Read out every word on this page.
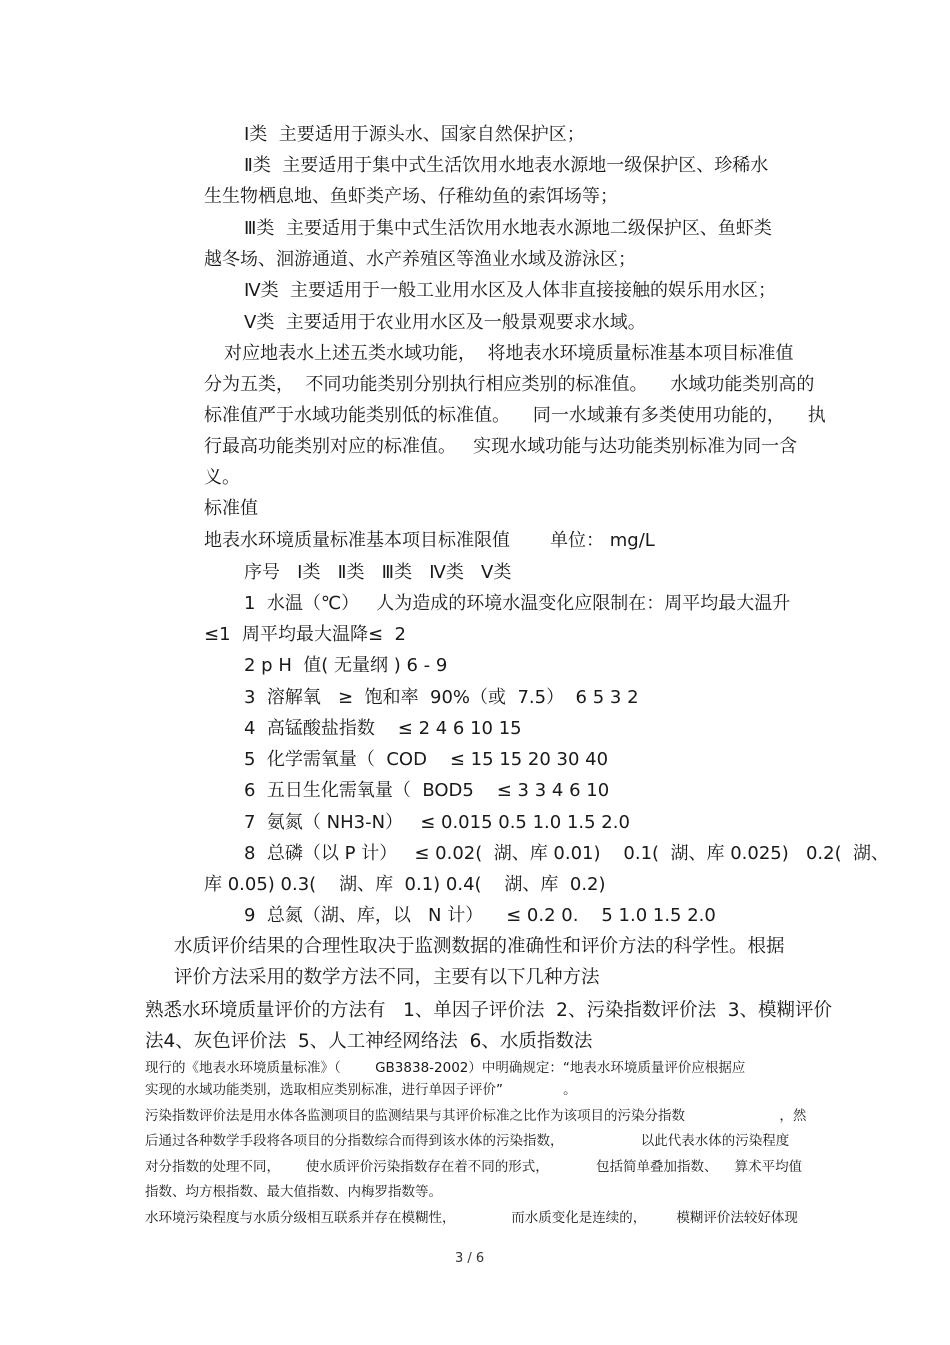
Ⅰ类  主要适用于源头水、国家自然保护区；
Ⅱ类  主要适用于集中式生活饮用水地表水源地一级保护区、珍稀水
生生物栖息地、鱼虾类产场、仔稚幼鱼的索饵场等；
Ⅲ类  主要适用于集中式生活饮用水地表水源地二级保护区、鱼虾类
越冬场、洄游通道、水产养殖区等渔业水域及游泳区；
Ⅳ类  主要适用于一般工业用水区及人体非直接接触的娱乐用水区；
Ⅴ类  主要适用于农业用水区及一般景观要求水域。
对应地表水上述五类水域功能，  将地表水环境质量标准基本项目标准值
分为五类，  不同功能类别分别执行相应类别的标准值。    水域功能类别高的
标准值严于水域功能类别低的标准值。    同一水域兼有多类使用功能的，    执
行最高功能类别对应的标准值。   实现水域功能与达功能类别标准为同一含
义。
标准值
地表水环境质量标准基本项目标准限值       单位： mg/L
序号   Ⅰ类   Ⅱ类   Ⅲ类   Ⅳ类   Ⅴ类
1  水温（℃）   人为造成的环境水温变化应限制在：周平均最大温升
≤1  周平均最大温降≤  2
2 p H  值( 无量纲 ) 6 - 9
3  溶解氧   ≥  饱和率  90%（或  7.5）  6 5 3 2
4  高锰酸盐指数    ≤ 2 4 6 10 15
5  化学需氧量（  COD    ≤ 15 15 20 30 40
6  五日生化需氧量（  BOD5    ≤ 3 3 4 6 10
7  氨氮（ NH3-N）   ≤ 0.015 0.5 1.0 1.5 2.0
8  总磷（以 P 计）   ≤ 0.02(  湖、库 0.01)    0.1(  湖、库 0.025)   0.2(  湖、
库 0.05) 0.3(    湖、库  0.1) 0.4(    湖、库  0.2)
9  总氮（湖、库，以   N 计）    ≤ 0.2 0.    5 1.0 1.5 2.0
水质评价结果的合理性取决于监测数据的准确性和评价方法的科学性。根据
评价方法采用的数学方法不同，主要有以下几种方法
熟悉水环境质量评价的方法有   1、单因子评价法  2、污染指数评价法  3、模糊评价
法4、灰色评价法  5、人工神经网络法  6、水质指数法
现行的《地表水环境质量标准》（        GB3838-2002）中明确规定：“地表水环境质量评价应根据应
实现的水域功能类别，选取相应类别标准，进行单因子评价”              。
污染指数评价法是用水体各监测项目的监测结果与其评价标准之比作为该项目的污染分指数                      ，然
后通过各种数学手段将各项目的分指数综合而得到该水体的污染指数，                  以此代表水体的污染程度
对分指数的处理不同，      使水质评价污染指数存在着不同的形式，           包括简单叠加指数、    算术平均值
指数、均方根指数、最大值指数、内梅罗指数等。
水环境污染程度与水质分级相互联系并存在模糊性，             而水质变化是连续的，       模糊评价法较好体现
3 / 6
